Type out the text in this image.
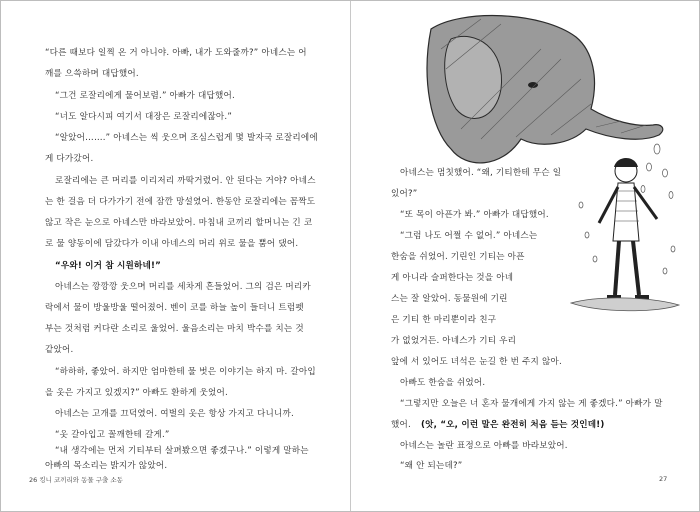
“다른 때보다 일찍 온 거 아니야. 아빠, 내가 도와줄까?” 아네스는 어
깨를 으쓱하며 대답했어.
“그건 로잘리에게 물어보렴.” 아빠가 대답했어.
“너도 알다시피 여기서 대장은 로잘리에잖아.”
“알았어…….” 아네스는 씩 웃으며 조심스럽게 몇 발자국 로잘리에에
게 다가갔어.
로잘리에는 큰 머리를 이리저리 까딱거렸어. 안 된다는 거야? 아네스
는 한 걸음 더 다가가기 전에 잠깐 망설였어. 한동안 로잘리에는 꼼짝도
않고 작은 눈으로 아네스만 바라보았어. 마침내 코끼리 할머니는 긴 코
로 물 양동이에 담갔다가 이내 아네스의 머리 위로 물을 뿜어 댔어.
“우와! 이거 참 시원하네!”
아네스는 깡깡깡 웃으며 머리를 세차게 흔들었어. 그의 검은 머리카
락에서 물이 방울방울 떨어졌어. 벤이 코를 하늘 높이 들더니 트럼펫
부는 것처럼 커다란 소리로 울었어. 울음소리는 마치 박수를 치는 것
같았어.
“하하하, 좋았어. 하지만 엄마한테 물 벗은 이야기는 하지 마. 갈아입
을 옷은 가지고 있겠지?” 아빠도 환하게 웃었어.
아네스는 고개를 끄덕였어. 여벌의 옷은 항상 가지고 다니니까.
“옷 갈아입고 꼴깨한테 갈게.”
“내 생각에는 먼저 기티부터 살펴봤으면 좋겠구나.” 이렇게 말하는
아빠의 목소리는 밝지가 않았어.
26 킹니 코끼리와 동물 구출 소동
아네스는 멈칫했어. “왜, 기티한테 무슨 일
있어?”
“또 목이 아픈가 봐.” 아빠가 대답했어.
“그럼 나도 어쩔 수 없어.” 아네스는
한숨을 쉬었어. 기린인 기티는 아픈
게 아니라 슬퍼한다는 것을 아네
스는 잘 알았어. 동물원에 기린
은 기티 한 마리뿐이라 친구
가 없었거든. 아네스가 기티 우리
앞에 서 있어도 녀석은 눈길 한 번 주지 않아.
아빠도 한숨을 쉬었어.
“그렇지만 오늘은 너 혼자 물개에게 가지 않는 게 좋겠다.” 아빠가 말
했어. (앗, “오, 이런 말은 완전히 처음 듣는 것인데!)
아네스는 놀란 표정으로 아빠를 바라보았어.
“왜 안 되는데?”
27
